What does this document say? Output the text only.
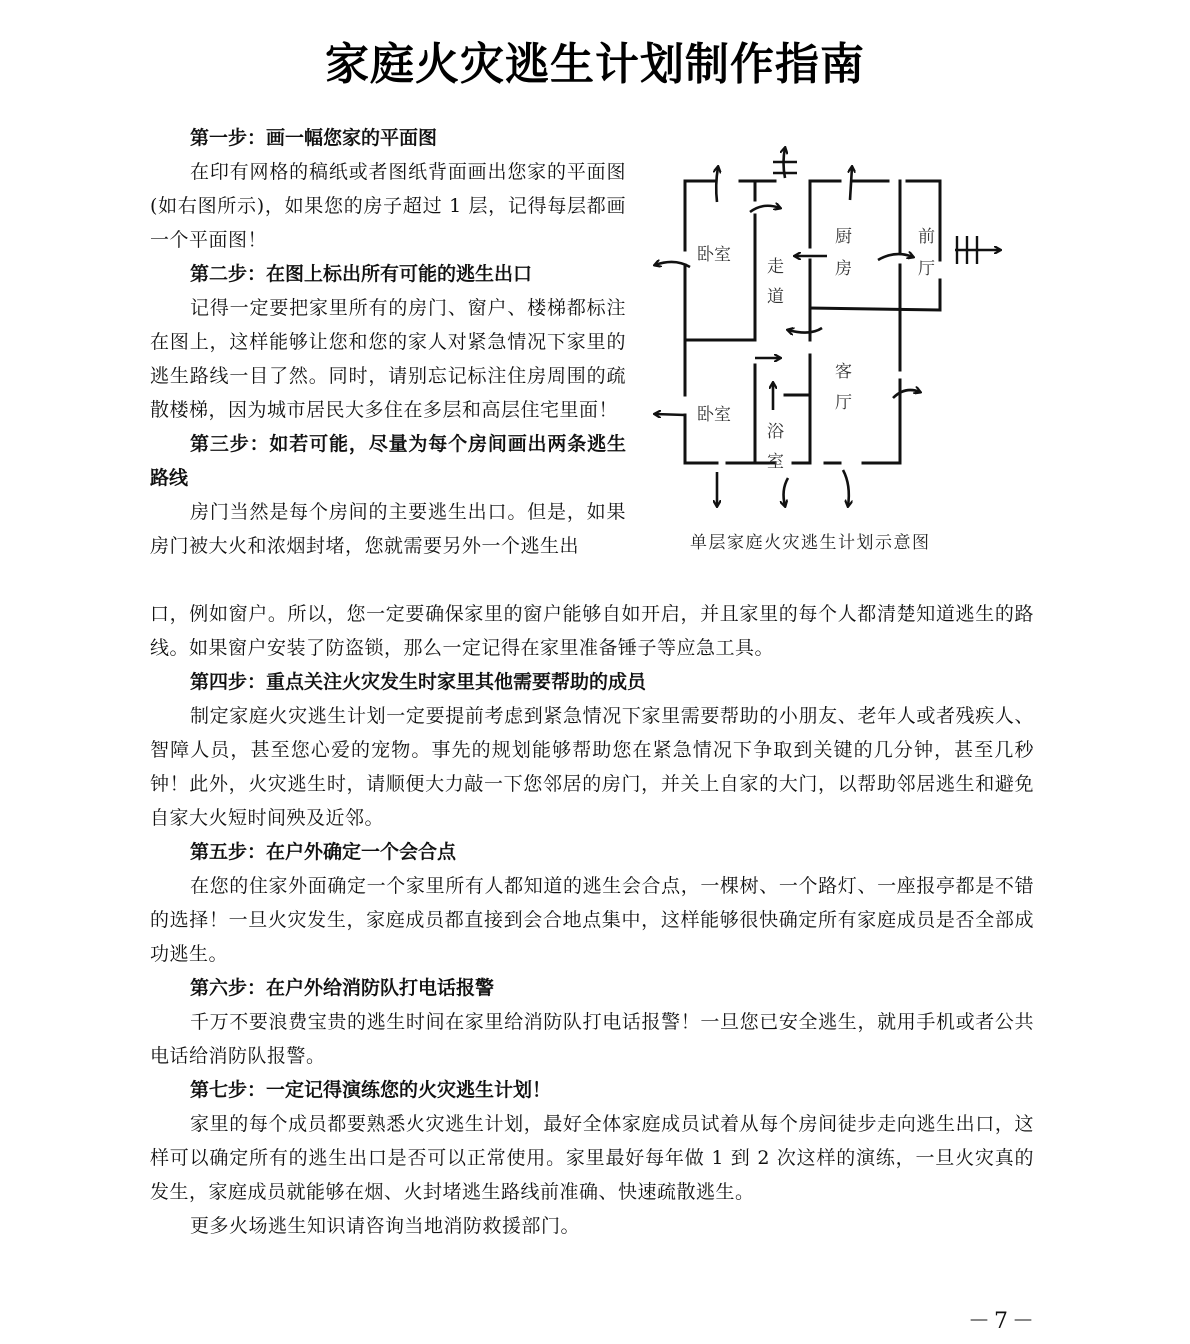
家庭火灾逃生计划制作指南

第一步：画一幅您家的平面图

在印有网格的稿纸或者图纸背面画出您家的平面图(如右图所示)，如果您的房子超过 1 层，记得每层都画一个平面图！

第二步：在图上标出所有可能的逃生出口

记得一定要把家里所有的房门、窗户、楼梯都标注在图上，这样能够让您和您的家人对紧急情况下家里的逃生路线一目了然。同时，请别忘记标注住房周围的疏散楼梯，因为城市居民大多住在多层和高层住宅里面！

第三步：如若可能，尽量为每个房间画出两条逃生路线

房门当然是每个房间的主要逃生出口。但是，如果房门被大火和浓烟封堵，您就需要另外一个逃生出

口，例如窗户。所以，您一定要确保家里的窗户能够自如开启，并且家里的每个人都清楚知道逃生的路线。如果窗户安装了防盗锁，那么一定记得在家里准备锤子等应急工具。

第四步：重点关注火灾发生时家里其他需要帮助的成员

制定家庭火灾逃生计划一定要提前考虑到紧急情况下家里需要帮助的小朋友、老年人或者残疾人、智障人员，甚至您心爱的宠物。事先的规划能够帮助您在紧急情况下争取到关键的几分钟，甚至几秒钟！此外，火灾逃生时，请顺便大力敲一下您邻居的房门，并关上自家的大门，以帮助邻居逃生和避免自家大火短时间殃及近邻。

第五步：在户外确定一个会合点

在您的住家外面确定一个家里所有人都知道的逃生会合点，一棵树、一个路灯、一座报亭都是不错的选择！一旦火灾发生，家庭成员都直接到会合地点集中，这样能够很快确定所有家庭成员是否全部成功逃生。

第六步：在户外给消防队打电话报警

千万不要浪费宝贵的逃生时间在家里给消防队打电话报警！一旦您已安全逃生，就用手机或者公共电话给消防队报警。

第七步：一定记得演练您的火灾逃生计划！

家里的每个成员都要熟悉火灾逃生计划，最好全体家庭成员试着从每个房间徒步走向逃生出口，这样可以确定所有的逃生出口是否可以正常使用。家里最好每年做 1 到 2 次这样的演练，一旦火灾真的发生，家庭成员就能够在烟、火封堵逃生路线前准确、快速疏散逃生。

更多火场逃生知识请咨询当地消防救援部门。

卧室
卧室
走
道
厨
房
前
厅
客
厅
浴
室
单层家庭火灾逃生计划示意图
－7－
